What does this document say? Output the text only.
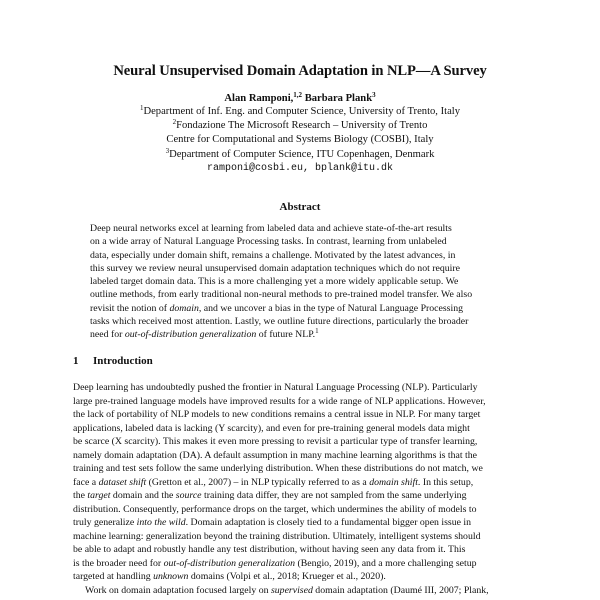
Neural Unsupervised Domain Adaptation in NLP—A Survey
Alan Ramponi,$^{1,2}$ Barbara Plank$^3$
$^1$Department of Inf. Eng. and Computer Science, University of Trento, Italy
$^2$Fondazione The Microsoft Research – University of Trento
Centre for Computational and Systems Biology (COSBI), Italy
$^3$Department of Computer Science, ITU Copenhagen, Denmark
ramponi@cosbi.eu, bplank@itu.dk
Abstract
Deep neural networks excel at learning from labeled data and achieve state-of-the-art results
on a wide array of Natural Language Processing tasks. In contrast, learning from unlabeled
data, especially under domain shift, remains a challenge. Motivated by the latest advances, in
this survey we review neural unsupervised domain adaptation techniques which do not require
labeled target domain data. This is a more challenging yet a more widely applicable setup. We
outline methods, from early traditional non-neural methods to pre-trained model transfer. We also
revisit the notion of domain, and we uncover a bias in the type of Natural Language Processing
tasks which received most attention. Lastly, we outline future directions, particularly the broader
need for out-of-distribution generalization of future NLP.$^1$
1 Introduction
Deep learning has undoubtedly pushed the frontier in Natural Language Processing (NLP). Particularly
large pre-trained language models have improved results for a wide range of NLP applications. However,
the lack of portability of NLP models to new conditions remains a central issue in NLP. For many target
applications, labeled data is lacking (Y scarcity), and even for pre-training general models data might
be scarce (X scarcity). This makes it even more pressing to revisit a particular type of transfer learning,
namely domain adaptation (DA). A default assumption in many machine learning algorithms is that the
training and test sets follow the same underlying distribution. When these distributions do not match, we
face a dataset shift (Gretton et al., 2007) – in NLP typically referred to as a domain shift. In this setup,
the target domain and the source training data differ, they are not sampled from the same underlying
distribution. Consequently, performance drops on the target, which undermines the ability of models to
truly generalize into the wild. Domain adaptation is closely tied to a fundamental bigger open issue in
machine learning: generalization beyond the training distribution. Ultimately, intelligent systems should
be able to adapt and robustly handle any test distribution, without having seen any data from it. This
is the broader need for out-of-distribution generalization (Bengio, 2019), and a more challenging setup
targeted at handling unknown domains (Volpi et al., 2018; Krueger et al., 2020).
Work on domain adaptation focused largely on supervised domain adaptation (Daumé III, 2007; Plank,
